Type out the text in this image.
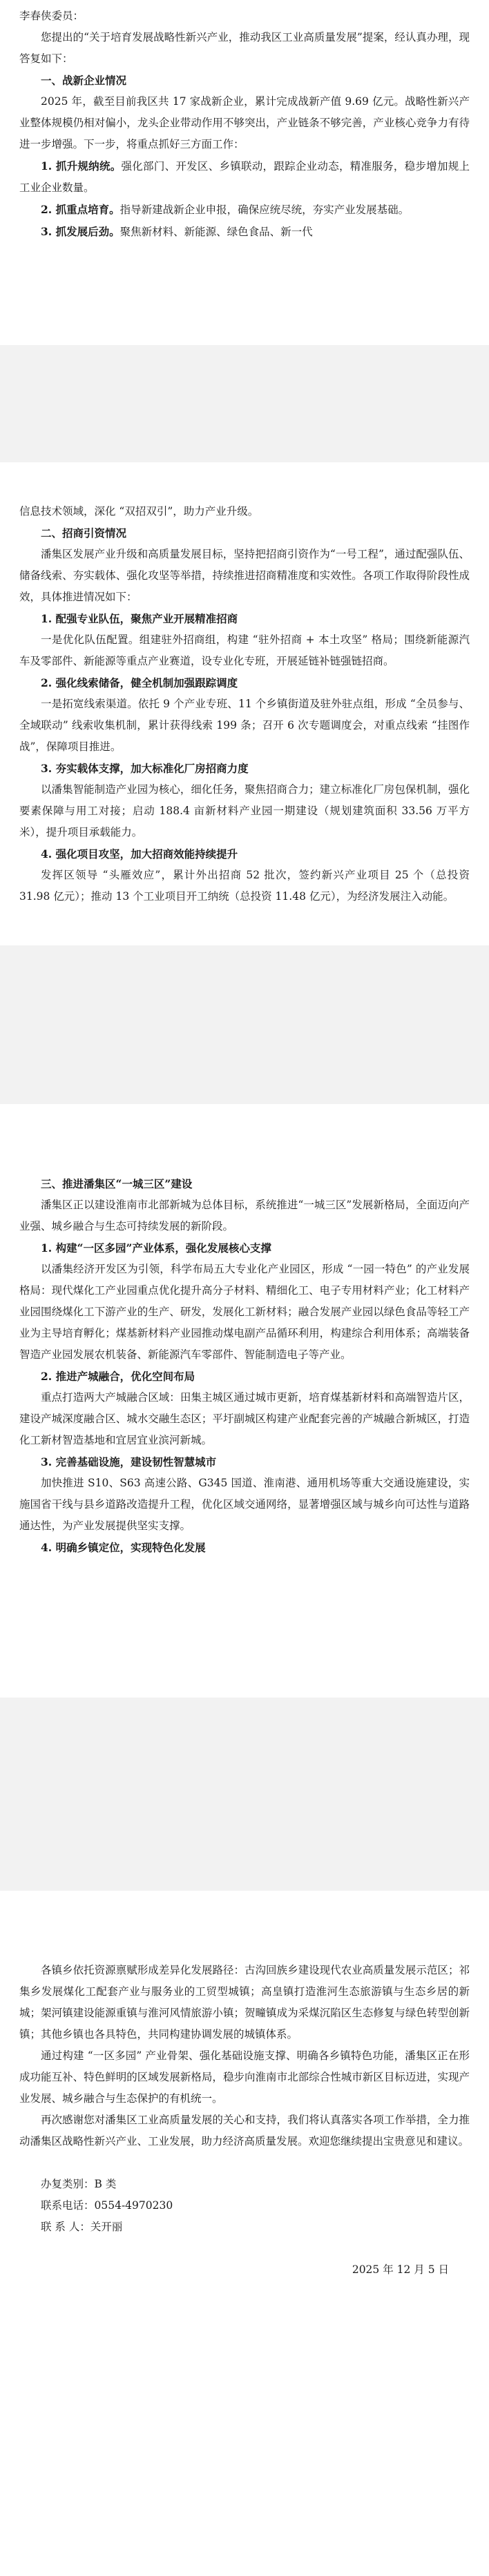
李春侠委员：

您提出的“关于培育发展战略性新兴产业，推动我区工业高质量发展”提案，经认真办理，现答复如下：

一、战新企业情况

2025 年，截至目前我区共 17 家战新企业，累计完成战新产值 9.69 亿元。战略性新兴产业整体规模仍相对偏小，龙头企业带动作用不够突出，产业链条不够完善，产业核心竞争力有待进一步增强。下一步，将重点抓好三方面工作：

1. 抓升规纳统。强化部门、开发区、乡镇联动，跟踪企业动态，精准服务，稳步增加规上工业企业数量。

2. 抓重点培育。指导新建战新企业申报，确保应统尽统，夯实产业发展基础。

3. 抓发展后劲。聚焦新材料、新能源、绿色食品、新一代

信息技术领域，深化 “双招双引”，助力产业升级。

二、招商引资情况

潘集区发展产业升级和高质量发展目标，坚持把招商引资作为“一号工程”，通过配强队伍、储备线索、夯实载体、强化攻坚等举措，持续推进招商精准度和实效性。各项工作取得阶段性成效，具体推进情况如下：

1. 配强专业队伍，聚焦产业开展精准招商

一是优化队伍配置。组建驻外招商组，构建 “驻外招商 + 本土攻坚” 格局；围绕新能源汽车及零部件、新能源等重点产业赛道，设专业化专班，开展延链补链强链招商。

2. 强化线索储备，健全机制加强跟踪调度

一是拓宽线索渠道。依托 9 个产业专班、11 个乡镇街道及驻外驻点组，形成 “全员参与、全域联动” 线索收集机制，累计获得线索 199 条；召开 6 次专题调度会，对重点线索 “挂图作战”，保障项目推进。

3. 夯实载体支撑，加大标准化厂房招商力度

以潘集智能制造产业园为核心，细化任务，聚焦招商合力；建立标准化厂房包保机制，强化要素保障与用工对接；启动 188.4 亩新材料产业园一期建设（规划建筑面积 33.56 万平方米），提升项目承载能力。

4. 强化项目攻坚，加大招商效能持续提升

发挥区领导 “头雁效应”，累计外出招商 52 批次，签约新兴产业项目 25 个（总投资 31.98 亿元）；推动 13 个工业项目开工纳统（总投资 11.48 亿元），为经济发展注入动能。

三、推进潘集区“一城三区”建设

潘集区正以建设淮南市北部新城为总体目标，系统推进“一城三区”发展新格局，全面迈向产业强、城乡融合与生态可持续发展的新阶段。

1. 构建“一区多园”产业体系，强化发展核心支撑

以潘集经济开发区为引领，科学布局五大专业化产业园区，形成 “一园一特色” 的产业发展格局：现代煤化工产业园重点优化提升高分子材料、精细化工、电子专用材料产业；化工材料产业园围绕煤化工下游产业的生产、研发，发展化工新材料；融合发展产业园以绿色食品等轻工产业为主导培育孵化；煤基新材料产业园推动煤电副产品循环利用，构建综合利用体系；高端装备智造产业园发展农机装备、新能源汽车零部件、智能制造电子等产业。

2. 推进产城融合，优化空间布局

重点打造两大产城融合区域：田集主城区通过城市更新，培育煤基新材料和高端智造片区，建设产城深度融合区、城水交融生态区；平圩副城区构建产业配套完善的产城融合新城区，打造化工新材智造基地和宜居宜业滨河新城。

3. 完善基础设施，建设韧性智慧城市

加快推进 S10、S63 高速公路、G345 国道、淮南港、通用机场等重大交通设施建设，实施国省干线与县乡道路改造提升工程，优化区域交通网络，显著增强区域与城乡向可达性与道路通达性，为产业发展提供坚实支撑。

4. 明确乡镇定位，实现特色化发展

各镇乡依托资源禀赋形成差异化发展路径：古沟回族乡建设现代农业高质量发展示范区；祁集乡发展煤化工配套产业与服务业的工贸型城镇；高皇镇打造淮河生态旅游镇与生态乡居的新城；架河镇建设能源重镇与淮河风情旅游小镇；贺疃镇成为采煤沉陷区生态修复与绿色转型创新镇；其他乡镇也各具特色，共同构建协调发展的城镇体系。

通过构建 “一区多园” 产业骨架、强化基础设施支撑、明确各乡镇特色功能，潘集区正在形成功能互补、特色鲜明的区域发展新格局，稳步向淮南市北部综合性城市新区目标迈进，实现产业发展、城乡融合与生态保护的有机统一。

再次感谢您对潘集区工业高质量发展的关心和支持，我们将认真落实各项工作举措，全力推动潘集区战略性新兴产业、工业发展，助力经济高质量发展。欢迎您继续提出宝贵意见和建议。

办复类别：B 类

联系电话：0554-4970230

联 系 人：关开丽

2025 年 12 月 5 日
